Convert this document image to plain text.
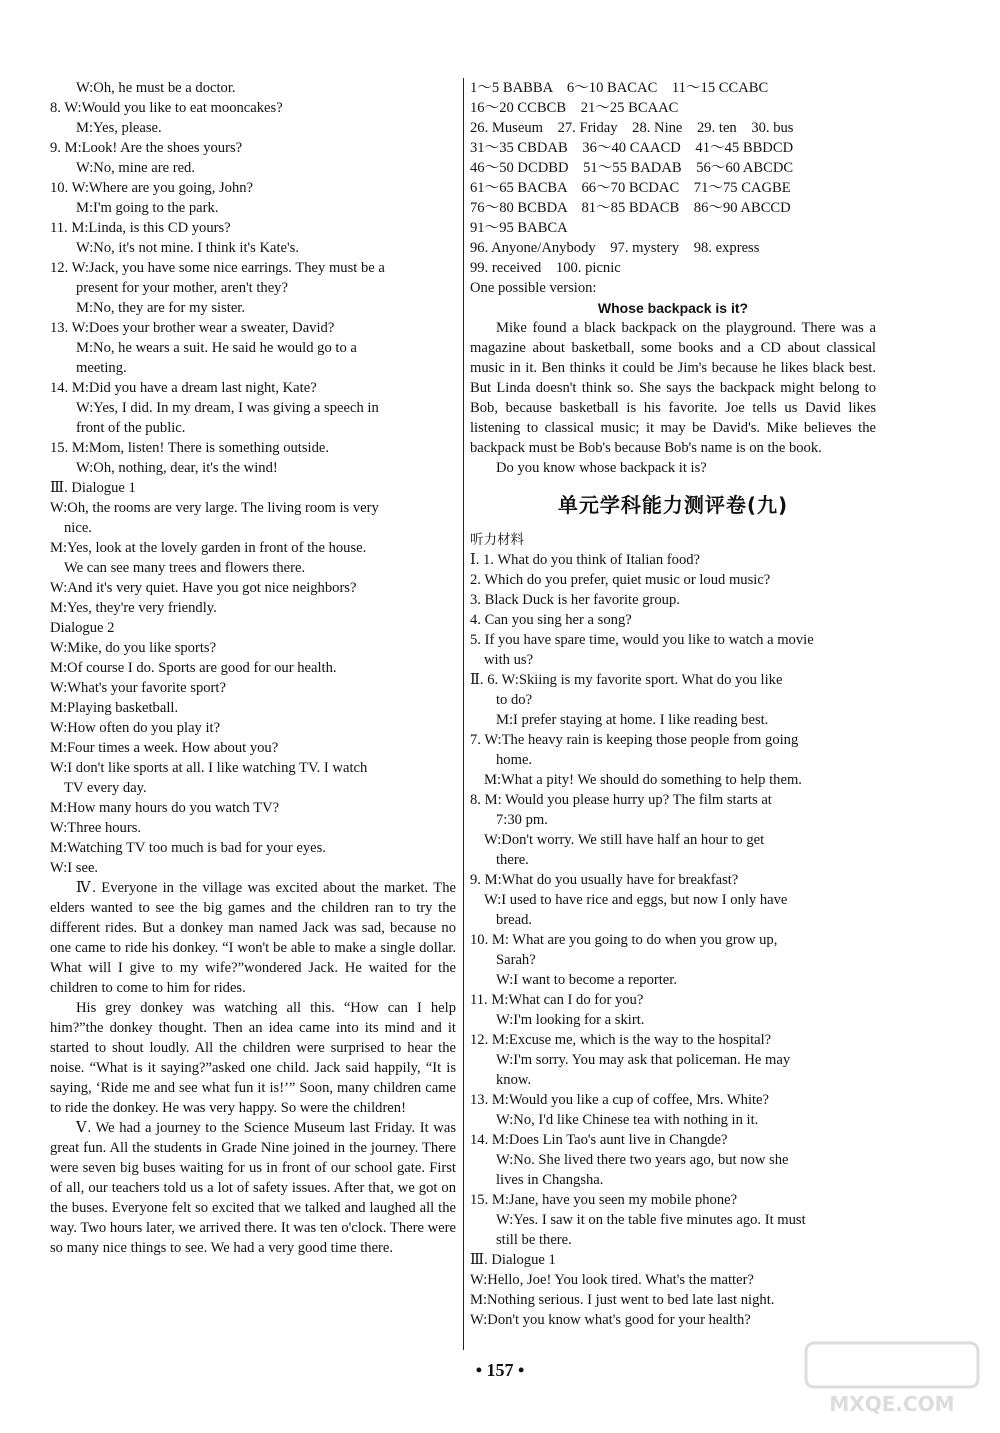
W:Oh, he must be a doctor.
8. W:Would you like to eat mooncakes?
M:Yes, please.
9. M:Look! Are the shoes yours?
W:No, mine are red.
10. W:Where are you going, John?
M:I'm going to the park.
11. M:Linda, is this CD yours?
W:No, it's not mine. I think it's Kate's.
12. W:Jack, you have some nice earrings. They must be a
present for your mother, aren't they?
M:No, they are for my sister.
13. W:Does your brother wear a sweater, David?
M:No, he wears a suit. He said he would go to a
meeting.
14. M:Did you have a dream last night, Kate?
W:Yes, I did. In my dream, I was giving a speech in
front of the public.
15. M:Mom, listen! There is something outside.
W:Oh, nothing, dear, it's the wind!
Ⅲ. Dialogue 1
W:Oh, the rooms are very large. The living room is very
nice.
M:Yes, look at the lovely garden in front of the house.
We can see many trees and flowers there.
W:And it's very quiet. Have you got nice neighbors?
M:Yes, they're very friendly.
Dialogue 2
W:Mike, do you like sports?
M:Of course I do. Sports are good for our health.
W:What's your favorite sport?
M:Playing basketball.
W:How often do you play it?
M:Four times a week. How about you?
W:I don't like sports at all. I like watching TV. I watch
TV every day.
M:How many hours do you watch TV?
W:Three hours.
M:Watching TV too much is bad for your eyes.
W:I see.
Ⅳ. Everyone in the village was excited about the market. The elders wanted to see the big games and the children ran to try the different rides. But a donkey man named Jack was sad, because no one came to ride his donkey. “I won't be able to make a single dollar. What will I give to my wife?”wondered Jack. He waited for the children to come to him for rides.
His grey donkey was watching all this. “How can I help him?”the donkey thought. Then an idea came into its mind and it started to shout loudly. All the children were surprised to hear the noise. “What is it saying?”asked one child. Jack said happily, “It is saying, ‘Ride me and see what fun it is!’” Soon, many children came to ride the donkey. He was very happy. So were the children!
Ⅴ. We had a journey to the Science Museum last Friday. It was great fun. All the students in Grade Nine joined in the journey. There were seven big buses waiting for us in front of our school gate. First of all, our teachers told us a lot of safety issues. After that, we got on the buses. Everyone felt so excited that we talked and laughed all the way. Two hours later, we arrived there. It was ten o'clock. There were so many nice things to see. We had a very good time there.
1～5 BABBA    6～10 BACAC    11～15 CCABC
16～20 CCBCB    21～25 BCAAC
26. Museum    27. Friday    28. Nine    29. ten    30. bus
31～35 CBDAB    36～40 CAACD    41～45 BBDCD
46～50 DCDBD    51～55 BADAB    56～60 ABCDC
61～65 BACBA    66～70 BCDAC    71～75 CAGBE
76～80 BCBDA    81～85 BDACB    86～90 ABCCD
91～95 BABCA
96. Anyone/Anybody    97. mystery    98. express
99. received    100. picnic
One possible version:
Whose backpack is it?
Mike found a black backpack on the playground. There was a magazine about basketball, some books and a CD about classical music in it. Ben thinks it could be Jim's because he likes black best. But Linda doesn't think so. She says the backpack might belong to Bob, because basketball is his favorite. Joe tells us David likes listening to classical music; it may be David's. Mike believes the backpack must be Bob's because Bob's name is on the book.
Do you know whose backpack it is?
单元学科能力测评卷(九)
听力材料
Ⅰ. 1. What do you think of Italian food?
2. Which do you prefer, quiet music or loud music?
3. Black Duck is her favorite group.
4. Can you sing her a song?
5. If you have spare time, would you like to watch a movie
with us?
Ⅱ. 6. W:Skiing is my favorite sport. What do you like
to do?
M:I prefer staying at home. I like reading best.
7. W:The heavy rain is keeping those people from going
home.
M:What a pity! We should do something to help them.
8. M: Would you please hurry up? The film starts at
7:30 pm.
W:Don't worry. We still have half an hour to get
there.
9. M:What do you usually have for breakfast?
W:I used to have rice and eggs, but now I only have
bread.
10. M: What are you going to do when you grow up,
Sarah?
W:I want to become a reporter.
11. M:What can I do for you?
W:I'm looking for a skirt.
12. M:Excuse me, which is the way to the hospital?
W:I'm sorry. You may ask that policeman. He may
know.
13. M:Would you like a cup of coffee, Mrs. White?
W:No, I'd like Chinese tea with nothing in it.
14. M:Does Lin Tao's aunt live in Changde?
W:No. She lived there two years ago, but now she
lives in Changsha.
15. M:Jane, have you seen my mobile phone?
W:Yes. I saw it on the table five minutes ago. It must
still be there.
Ⅲ. Dialogue 1
W:Hello, Joe! You look tired. What's the matter?
M:Nothing serious. I just went to bed late last night.
W:Don't you know what's good for your health?
• 157 •
MXQE.COM
